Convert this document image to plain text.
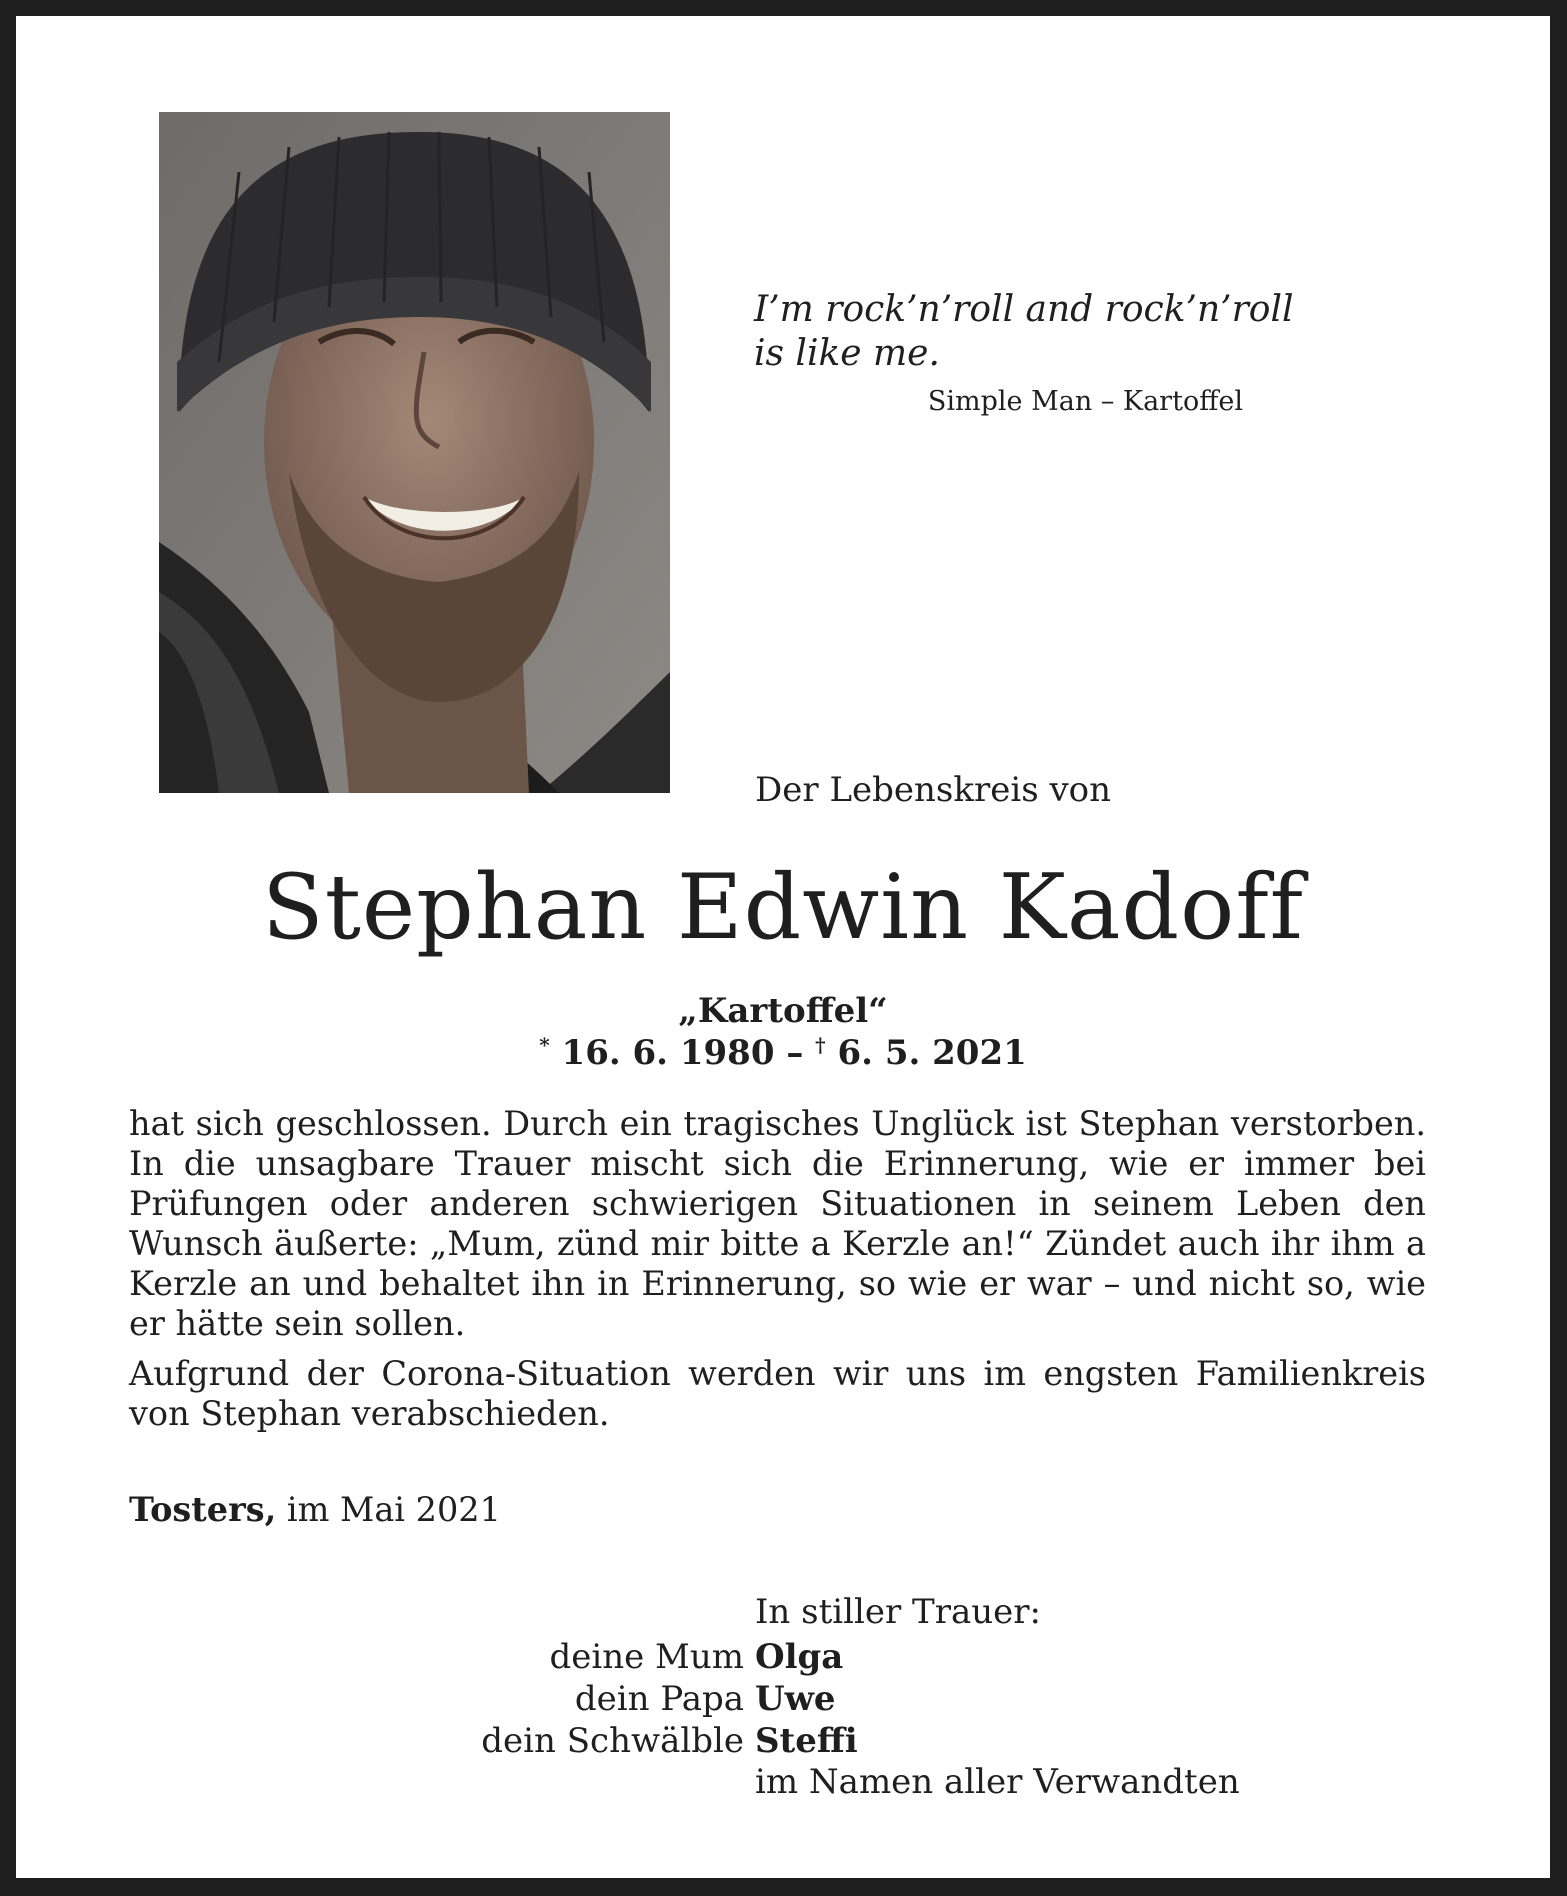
I’m rock’n’roll and rock’n’roll
is like me.
Simple Man – Kartoffel
Der Lebenskreis von
Stephan Edwin Kadoff
„Kartoffel“
* 16. 6. 1980 – † 6. 5. 2021

hat sich geschlossen. Durch ein tragisches Unglück ist Stephan verstorben. In die unsagbare Trauer mischt sich die Erinnerung, wie er immer bei Prüfungen oder anderen schwierigen Situationen in seinem Leben den Wunsch äußerte: „Mum, zünd mir bitte a Kerzle an!“ Zündet auch ihr ihm a Kerzle an und behaltet ihn in Erinnerung, so wie er war – und nicht so, wie er hätte sein sollen.

Aufgrund der Corona-Situation werden wir uns im engsten Familienkreis von Stephan verabschieden.

Tosters, im Mai 2021
In stiller Trauer:
deine Mum Olga
dein Papa Uwe
dein Schwälble Steffi
im Namen aller Verwandten
